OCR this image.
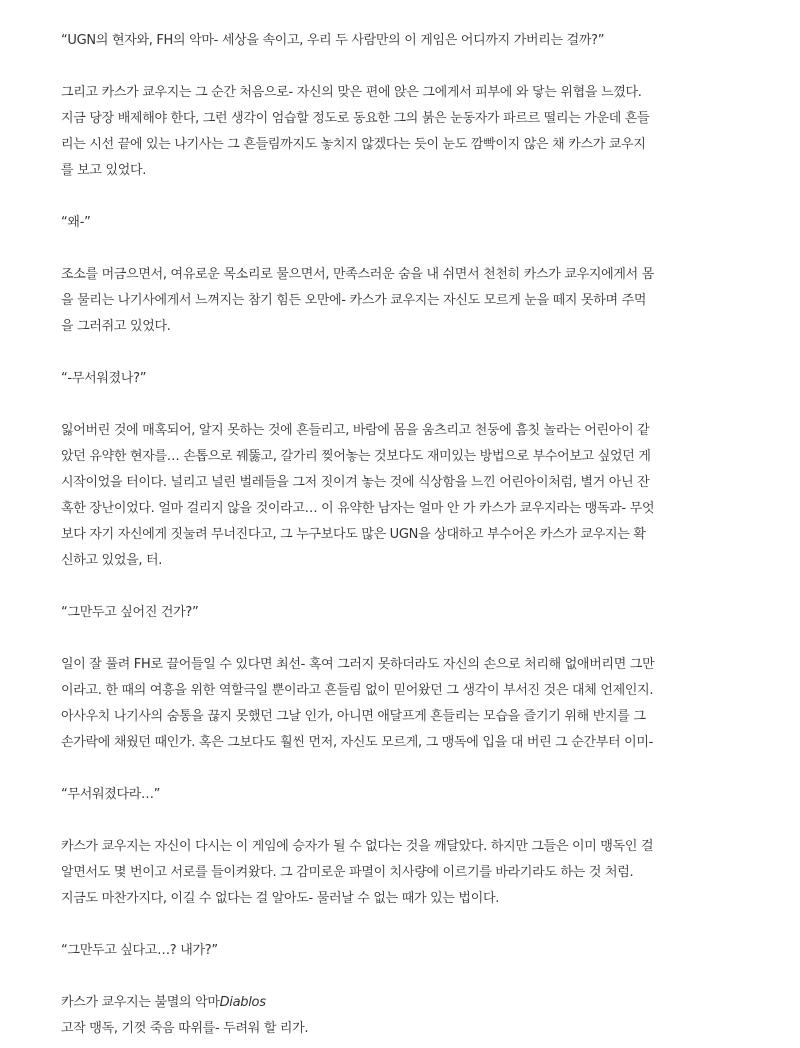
“UGN의 현자와, FH의 악마- 세상을 속이고, 우리 두 사람만의 이 게임은 어디까지 가버리는 걸까?”

그리고 카스가 쿄우지는 그 순간 처음으로- 자신의 맞은 편에 앉은 그에게서 피부에 와 닿는 위협을 느꼈다.
지금 당장 배제해야 한다, 그런 생각이 엄습할 정도로 동요한 그의 붉은 눈동자가 파르르 떨리는 가운데 흔들
리는 시선 끝에 있는 나기사는 그 흔들림까지도 놓치지 않겠다는 듯이 눈도 깜빡이지 않은 채 카스가 쿄우지
를 보고 있었다.

“왜-”

조소를 머금으면서, 여유로운 목소리로 물으면서, 만족스러운 숨을 내 쉬면서 천천히 카스가 쿄우지에게서 몸
을 물리는 나기사에게서 느껴지는 참기 힘든 오만에- 카스가 쿄우지는 자신도 모르게 눈을 떼지 못하며 주먹
을 그러쥐고 있었다.

“-무서워졌나?”

잃어버린 것에 매혹되어, 알지 못하는 것에 흔들리고, 바람에 몸을 움츠리고 천둥에 흠칫 놀라는 어린아이 같
았던 유약한 현자를… 손톱으로 꿰뚫고, 갈가리 찢어놓는 것보다도 재미있는 방법으로 부수어보고 싶었던 게
시작이었을 터이다. 널리고 널린 벌레들을 그저 짓이겨 놓는 것에 식상함을 느낀 어린아이처럼, 별거 아닌 잔
혹한 장난이었다. 얼마 걸리지 않을 것이라고… 이 유약한 남자는 얼마 안 가 카스가 쿄우지라는 맹독과- 무엇
보다 자기 자신에게 짓눌려 무너진다고, 그 누구보다도 많은 UGN을 상대하고 부수어온 카스가 쿄우지는 확
신하고 있었을, 터.

“그만두고 싶어진 건가?”

일이 잘 풀려 FH로 끌어들일 수 있다면 최선- 혹여 그러지 못하더라도 자신의 손으로 처리해 없애버리면 그만
이라고. 한 때의 여흥을 위한 역할극일 뿐이라고 흔들림 없이 믿어왔던 그 생각이 부서진 것은 대체 언제인지.
아사우치 나기사의 숨통을 끊지 못했던 그날 인가, 아니면 애달프게 흔들리는 모습을 즐기기 위해 반지를 그
손가락에 채웠던 때인가. 혹은 그보다도 훨씬 먼저, 자신도 모르게, 그 맹독에 입을 대 버린 그 순간부터 이미-

“무서워졌다라…”

카스가 쿄우지는 자신이 다시는 이 게임에 승자가 될 수 없다는 것을 깨달았다. 하지만 그들은 이미 맹독인 걸
알면서도 몇 번이고 서로를 들이켜왔다. 그 감미로운 파멸이 치사량에 이르기를 바라기라도 하는 것 처럼.
지금도 마찬가지다, 이길 수 없다는 걸 알아도- 물러날 수 없는 때가 있는 법이다.

“그만두고 싶다고…? 내가?”

카스가 쿄우지는 불멸의 악마Diablos
고작 맹독, 기껏 죽음 따위를- 두려워 할 리가.
